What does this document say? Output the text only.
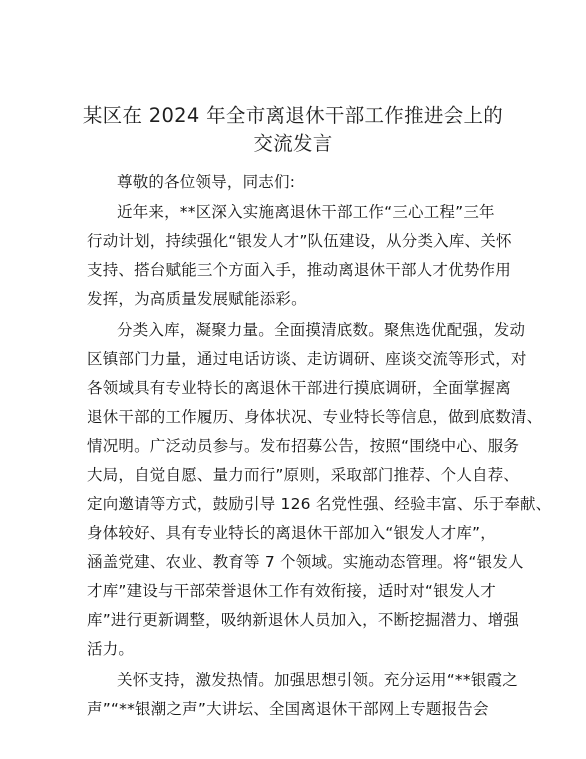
某区在 2024 年全市离退休干部工作推进会上的
交流发言
尊敬的各位领导，同志们:
近年来，**区深入实施离退休干部工作“三心工程”三年
行动计划，持续强化“银发人才”队伍建设，从分类入库、关怀
支持、搭台赋能三个方面入手，推动离退休干部人才优势作用
发挥，为高质量发展赋能添彩。
分类入库，凝聚力量。全面摸清底数。聚焦选优配强，发动
区镇部门力量，通过电话访谈、走访调研、座谈交流等形式，对
各领域具有专业特长的离退休干部进行摸底调研，全面掌握离
退休干部的工作履历、身体状况、专业特长等信息，做到底数清、
情况明。广泛动员参与。发布招募公告，按照“围绕中心、服务
大局，自觉自愿、量力而行”原则，采取部门推荐、个人自荐、
定向邀请等方式，鼓励引导 126 名党性强、经验丰富、乐于奉献、
身体较好、具有专业特长的离退休干部加入“银发人才库”，
涵盖党建、农业、教育等 7 个领域。实施动态管理。将“银发人
才库”建设与干部荣誉退休工作有效衔接，适时对“银发人才
库”进行更新调整，吸纳新退休人员加入，不断挖掘潜力、增强
活力。
关怀支持，激发热情。加强思想引领。充分运用“**银霞之
声”“**银潮之声”大讲坛、全国离退休干部网上专题报告会
